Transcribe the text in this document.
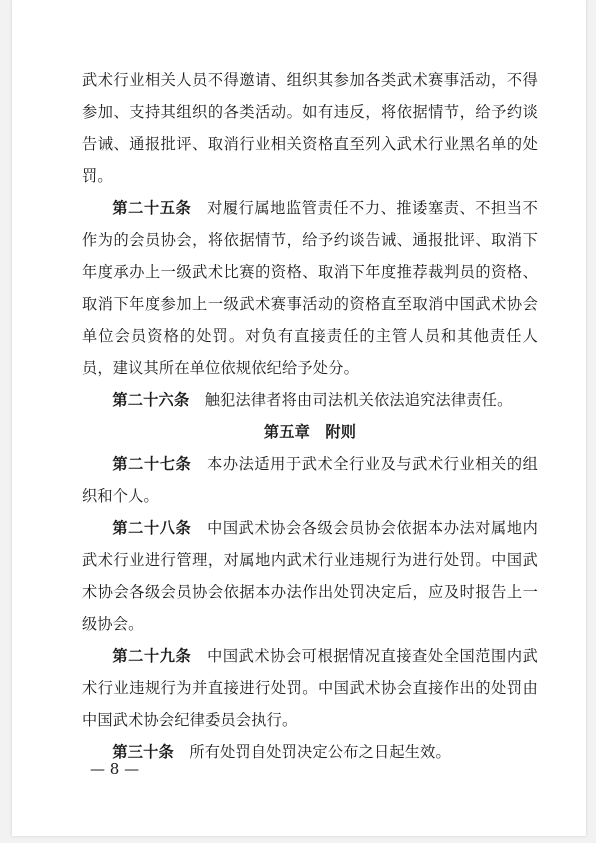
武术行业相关人员不得邀请、组织其参加各类武术赛事活动，不得参加、支持其组织的各类活动。如有违反，将依据情节，给予约谈告诫、通报批评、取消行业相关资格直至列入武术行业黑名单的处罚。

第二十五条　 对履行属地监管责任不力、推诿塞责、不担当不作为的会员协会，将依据情节，给予约谈告诫、通报批评、取消下年度承办上一级武术比赛的资格、取消下年度推荐裁判员的资格、取消下年度参加上一级武术赛事活动的资格直至取消中国武术协会单位会员资格的处罚。对负有直接责任的主管人员和其他责任人员，建议其所在单位依规依纪给予处分。

第二十六条　 触犯法律者将由司法机关依法追究法律责任。

第五章　附则

第二十七条　 本办法适用于武术全行业及与武术行业相关的组织和个人。

第二十八条　 中国武术协会各级会员协会依据本办法对属地内武术行业进行管理，对属地内武术行业违规行为进行处罚。中国武术协会各级会员协会依据本办法作出处罚决定后，应及时报告上一级协会。

第二十九条　 中国武术协会可根据情况直接查处全国范围内武术行业违规行为并直接进行处罚。中国武术协会直接作出的处罚由中国武术协会纪律委员会执行。

第三十条　 所有处罚自处罚决定公布之日起生效。

— 8 —
